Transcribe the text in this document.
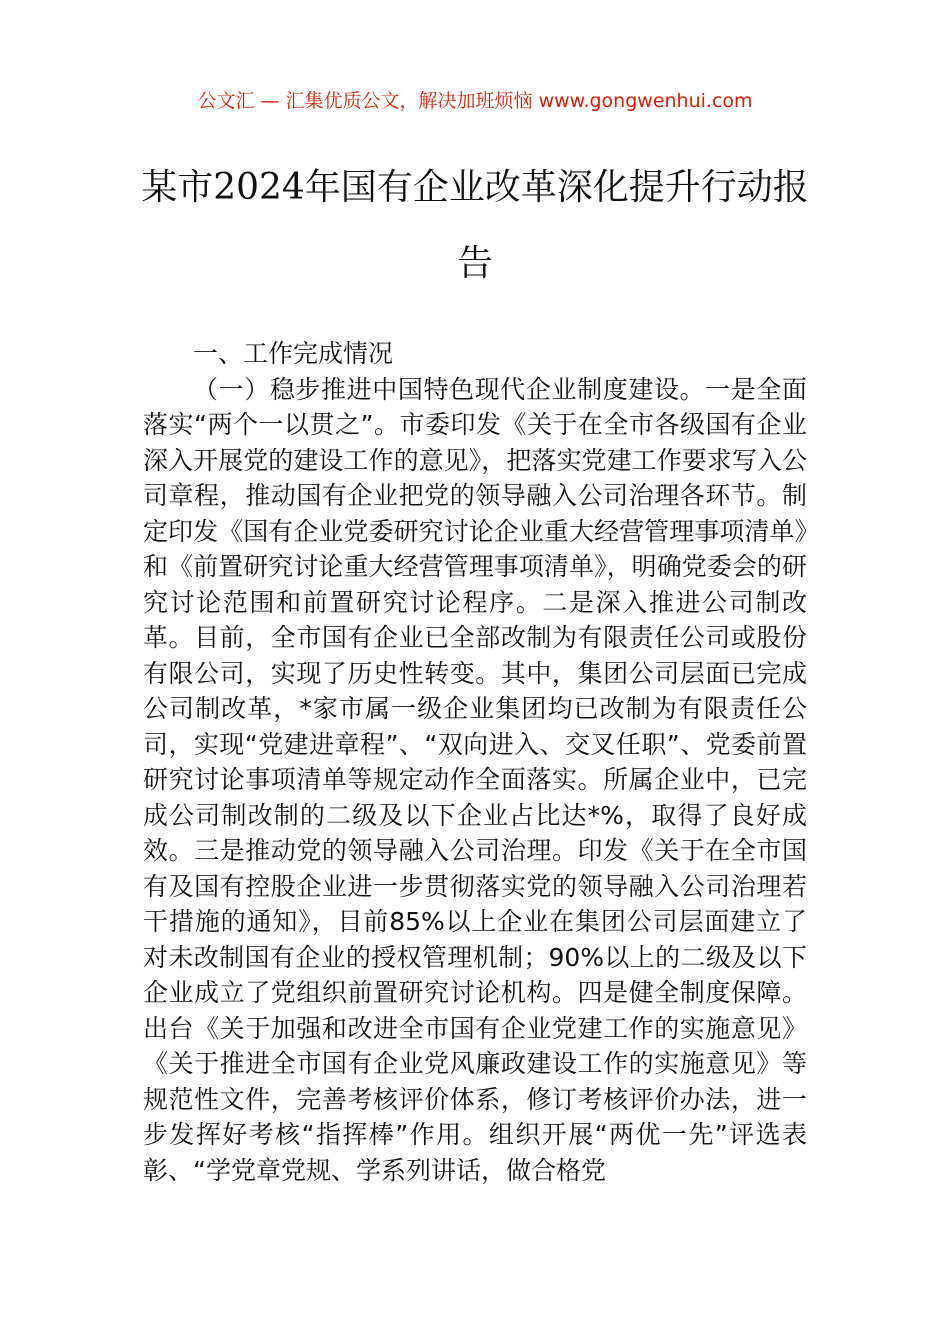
公文汇 — 汇集优质公文，解决加班烦恼 www.gongwenhui.com
某市2024年国有企业改革深化提升行动报告

一、工作完成情况

（一）稳步推进中国特色现代企业制度建设。一是全面落实“两个一以贯之”。市委印发《关于在全市各级国有企业深入开展党的建设工作的意见》，把落实党建工作要求写入公司章程，推动国有企业把党的领导融入公司治理各环节。制定印发《国有企业党委研究讨论企业重大经营管理事项清单》和《前置研究讨论重大经营管理事项清单》，明确党委会的研究讨论范围和前置研究讨论程序。二是深入推进公司制改革。目前，全市国有企业已全部改制为有限责任公司或股份有限公司，实现了历史性转变。其中，集团公司层面已完成公司制改革，*家市属一级企业集团均已改制为有限责任公司，实现“党建进章程”、“双向进入、交叉任职”、党委前置研究讨论事项清单等规定动作全面落实。所属企业中，已完成公司制改制的二级及以下企业占比达*%，取得了良好成效。三是推动党的领导融入公司治理。印发《关于在全市国有及国有控股企业进一步贯彻落实党的领导融入公司治理若干措施的通知》，目前85%以上企业在集团公司层面建立了对未改制国有企业的授权管理机制；90%以上的二级及以下企业成立了党组织前置研究讨论机构。四是健全制度保障。出台《关于加强和改进全市国有企业党建工作的实施意见》《关于推进全市国有企业党风廉政建设工作的实施意见》等规范性文件，完善考核评价体系，修订考核评价办法，进一步发挥好考核“指挥棒”作用。组织开展“两优一先”评选表彰、“学党章党规、学系列讲话，做合格党
